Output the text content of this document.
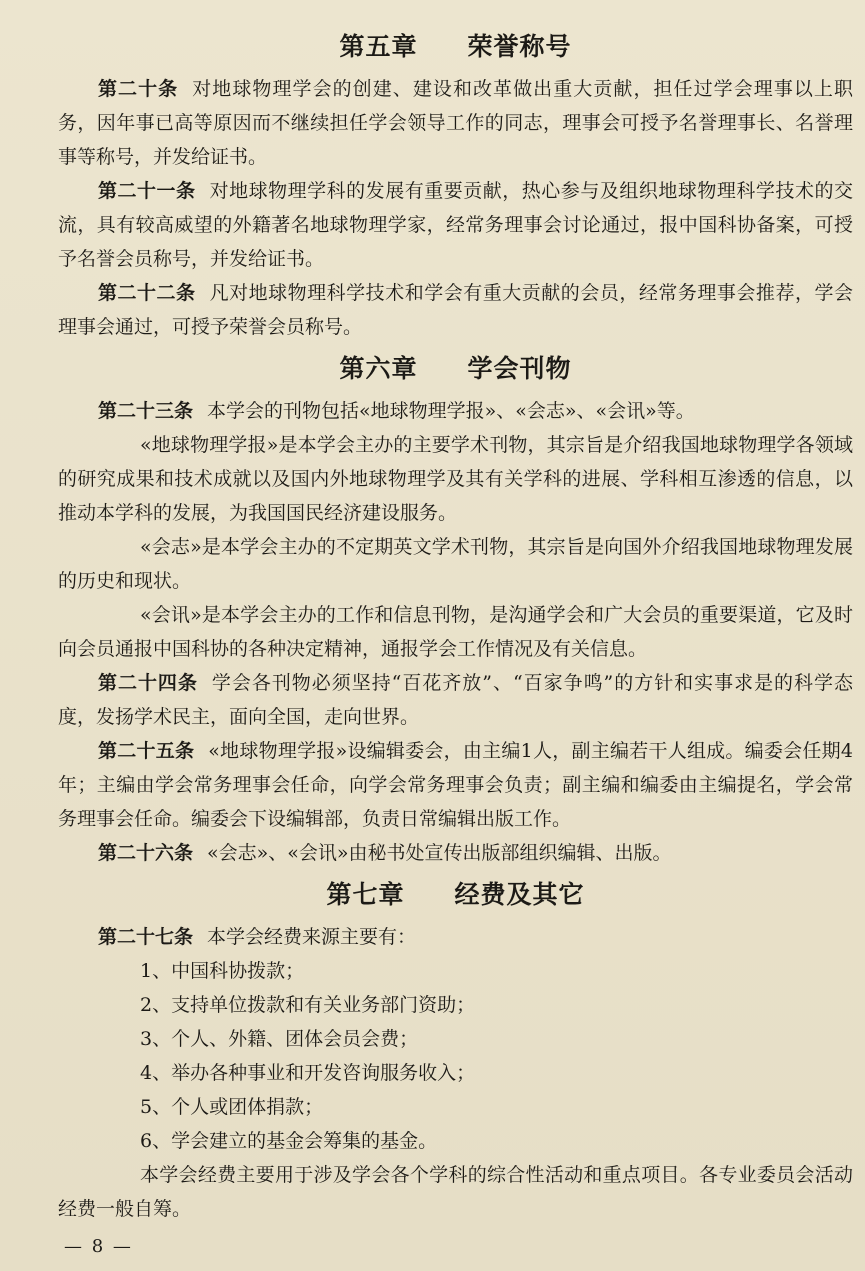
第五章 荣誉称号

第二十条 对地球物理学会的创建、建设和改革做出重大贡献，担任过学会理事以上职务，因年事已高等原因而不继续担任学会领导工作的同志，理事会可授予名誉理事长、名誉理事等称号，并发给证书。

第二十一条 对地球物理学科的发展有重要贡献，热心参与及组织地球物理科学技术的交流，具有较高威望的外籍著名地球物理学家，经常务理事会讨论通过，报中国科协备案，可授予名誉会员称号，并发给证书。

第二十二条 凡对地球物理科学技术和学会有重大贡献的会员，经常务理事会推荐，学会理事会通过，可授予荣誉会员称号。

第六章 学会刊物

第二十三条 本学会的刊物包括«地球物理学报»、«会志»、«会讯»等。

«地球物理学报»是本学会主办的主要学术刊物，其宗旨是介绍我国地球物理学各领域的研究成果和技术成就以及国内外地球物理学及其有关学科的进展、学科相互渗透的信息，以推动本学科的发展，为我国国民经济建设服务。

«会志»是本学会主办的不定期英文学术刊物，其宗旨是向国外介绍我国地球物理发展的历史和现状。

«会讯»是本学会主办的工作和信息刊物，是沟通学会和广大会员的重要渠道，它及时向会员通报中国科协的各种决定精神，通报学会工作情况及有关信息。

第二十四条 学会各刊物必须坚持“百花齐放”、“百家争鸣”的方针和实事求是的科学态度，发扬学术民主，面向全国，走向世界。

第二十五条 «地球物理学报»设编辑委会，由主编1人，副主编若干人组成。编委会任期4年；主编由学会常务理事会任命，向学会常务理事会负责；副主编和编委由主编提名，学会常务理事会任命。编委会下设编辑部，负责日常编辑出版工作。

第二十六条 «会志»、«会讯»由秘书处宣传出版部组织编辑、出版。

第七章 经费及其它

第二十七条 本学会经费来源主要有：

1、中国科协拨款；

2、支持单位拨款和有关业务部门资助；

3、个人、外籍、团体会员会费；

4、举办各种事业和开发咨询服务收入；

5、个人或团体捐款；

6、学会建立的基金会筹集的基金。

本学会经费主要用于涉及学会各个学科的综合性活动和重点项目。各专业委员会活动经费一般自筹。

— 8 —
